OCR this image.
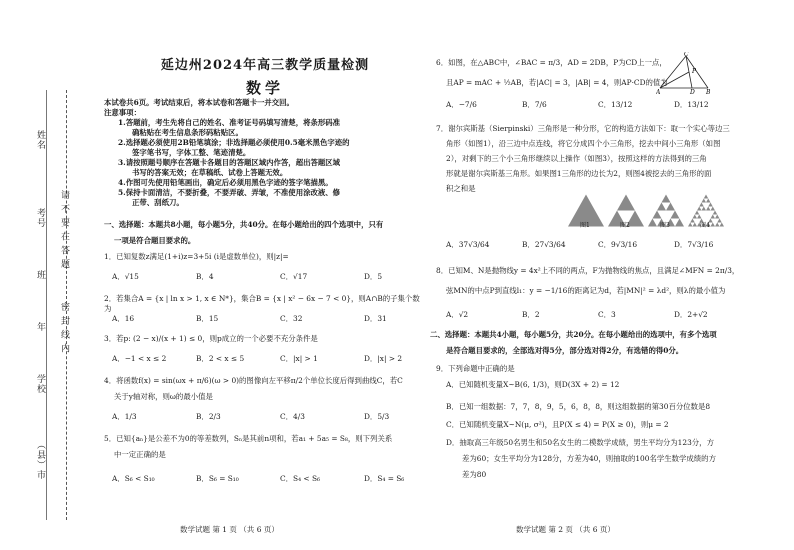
姓名
考号
班
年
学校
（县）市
请 不 要 在 答 题
密 封 线 内
延边州2024年高三教学质量检测
数学
本试卷共6页。考试结束后，将本试卷和答题卡一并交回。
注意事项：
1.答题前，考生先将自己的姓名、准考证号码填写清楚，将条形码准
确粘贴在考生信息条形码粘贴区。
2.选择题必须使用2B铅笔填涂；非选择题必须使用0.5毫米黑色字迹的
签字笔书写，字体工整、笔迹清楚。
3.请按照题号顺序在答题卡各题目的答题区域内作答，超出答题区域
书写的答案无效；在草稿纸、试卷上答题无效。
4.作图可先使用铅笔画出，确定后必须用黑色字迹的签字笔描黑。
5.保持卡面清洁，不要折叠，不要弄破、弄皱，不准使用涂改液、修
正带、刮纸刀。
一、选择题：本题共8小题，每小题5分，共40分。在每小题给出的四个选项中，只有
一项是符合题目要求的。
1．已知复数z满足(1+i)z=3+5i (i是虚数单位)，则|z|=
A．√15	B．4	C．√17	D．5
2．若集合A = {x | ln x > 1, x ∈ N*}，集合B = {x | x² − 6x − 7 < 0}，则A∩B的子集个数为
A．16	B．15	C．32	D．31
3．若p: (2 − x)/(x + 1) ≤ 0，则p成立的一个必要不充分条件是
A．−1 < x ≤ 2	B．2 < x ≤ 5	C．|x| > 1	D．|x| > 2
4．将函数f(x) = sin(ωx + π/6)(ω > 0)的图像向左平移π/2个单位长度后得到曲线C，若C
关于y轴对称，则ω的最小值是
A．1/3	B．2/3	C．4/3	D．5/3
5．已知{aₙ}是公差不为0的等差数列，Sₙ是其前n项和，若a₁ + 5a₅ = S₈，则下列关系
中一定正确的是
A．S₆ < S₁₀	B．S₆ = S₁₀	C．S₄ < S₆	D．S₄ = S₆
数学试题 第 1 页 （共 6 页）
6．如图，在△ABC中，∠BAC = π/3，AD = 2DB，P为CD上一点，
且AP = mAC + ½AB，若|AC| = 3，|AB| = 4，则AP·CD的值为
A．−7/6	B．7/6	C．13/12	D．13/12
7．谢尔宾斯基（Sierpinski）三角形是一种分形，它的构造方法如下：取一个实心等边三
角形（如图1），沿三边中点连线，将它分成四个小三角形，挖去中间小三角形（如图
2），对剩下的三个小三角形继续以上操作（如图3），按照这样的方法得到的三角
形就是谢尔宾斯基三角形。如果图1三角形的边长为2，则图4被挖去的三角形的面
积之和是
图1	图2	图3	图4
A．37√3/64	B．27√3/64	C．9√3/16	D．7√3/16
8．已知M、N是抛物线y = 4x²上不同的两点，F为抛物线的焦点，且满足∠MFN = 2π/3，
弦MN的中点P到直线l₁：y = −1/16的距离记为d，若|MN|² = λd²，则λ的最小值为
A．√2	B．2	C．3	D．2+√2
二、选择题：本题共4小题，每小题5分，共20分。在每小题给出的选项中，有多个选项
是符合题目要求的，全部选对得5分，部分选对得2分，有选错的得0分。
9．下列命题中正确的是
A．已知随机变量X~B(6, 1/3)，则D(3X + 2) = 12
B．已知一组数据：7，7，8，9，5，6，8，8，则这组数据的第30百分位数是8
C．已知随机变量X~N(μ, σ²)，且P(X ≤ 4) = P(X ≥ 0)，则μ = 2
D．抽取高三年级50名男生和50名女生的二模数学成绩，男生平均分为123分，方
差为60；女生平均分为128分，方差为40，则抽取的100名学生数学成绩的方
差为80
数学试题 第 2 页 （共 6 页）
C
P
A	D B
